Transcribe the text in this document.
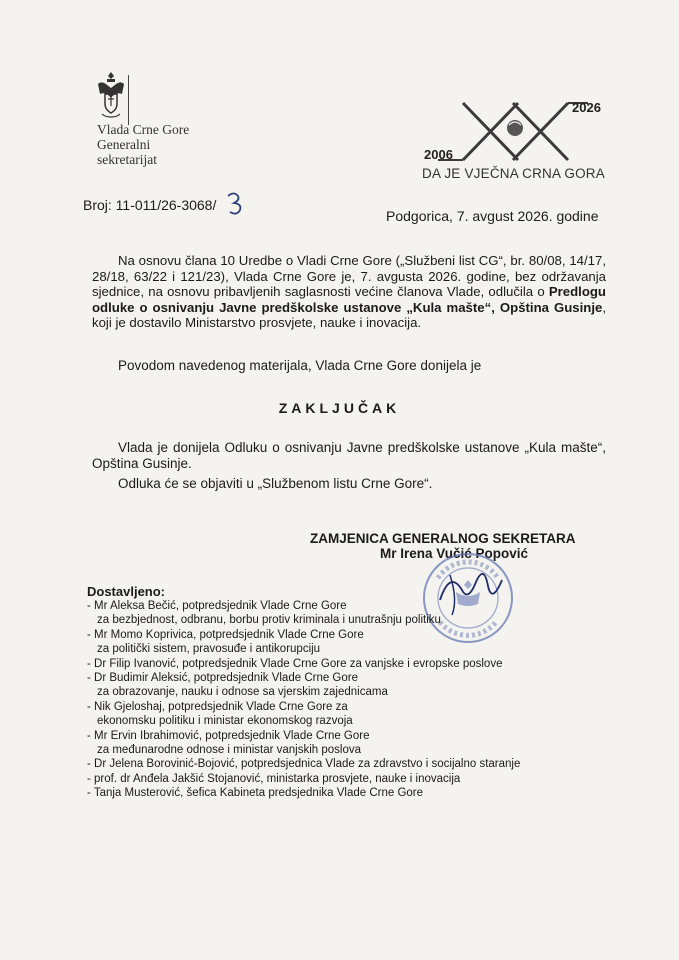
Vlada Crne Gore
Generalni
sekretarijat
2026
2006
DA JE VJEČNA CRNA GORA
Broj: 11-011/26-3068/
Podgorica, 7. avgust 2026. godine
Na osnovu člana 10 Uredbe o Vladi Crne Gore („Službeni list CG“, br. 80/08, 14/17, 28/18, 63/22 i 121/23), Vlada Crne Gore je, 7. avgusta 2026. godine, bez održavanja sjednice, na osnovu pribavljenih saglasnosti većine članova Vlade, odlučila o Predlogu odluke o osnivanju Javne predškolske ustanove „Kula mašte“, Opština Gusinje, koji je dostavilo Ministarstvo prosvjete, nauke i inovacija.
Povodom navedenog materijala, Vlada Crne Gore donijela je
ZAKLJUČAK
Vlada je donijela Odluku o osnivanju Javne predškolske ustanove „Kula mašte“, Opština Gusinje.
Odluka će se objaviti u „Službenom listu Crne Gore“.
ZAMJENICA GENERALNOG SEKRETARA
Mr Irena Vučić Popović
Dostavljeno:
- Mr Aleksa Bečić, potpredsjednik Vlade Crne Gore
za bezbjednost, odbranu, borbu protiv kriminala i unutrašnju politiku
- Mr Momo Koprivica, potpredsjednik Vlade Crne Gore
za politički sistem, pravosuđe i antikorupciju
- Dr Filip Ivanović, potpredsjednik Vlade Crne Gore za vanjske i evropske poslove
- Dr Budimir Aleksić, potpredsjednik Vlade Crne Gore
za obrazovanje, nauku i odnose sa vjerskim zajednicama
- Nik Gjeloshaj, potpredsjednik Vlade Crne Gore za
ekonomsku politiku i ministar ekonomskog razvoja
- Mr Ervin Ibrahimović, potpredsjednik Vlade Crne Gore
za međunarodne odnose i ministar vanjskih poslova
- Dr Jelena Borovinić-Bojović, potpredsjednica Vlade za zdravstvo i socijalno staranje
- prof. dr Anđela Jakšić Stojanović, ministarka prosvjete, nauke i inovacija
- Tanja Musterović, šefica Kabineta predsjednika Vlade Crne Gore
